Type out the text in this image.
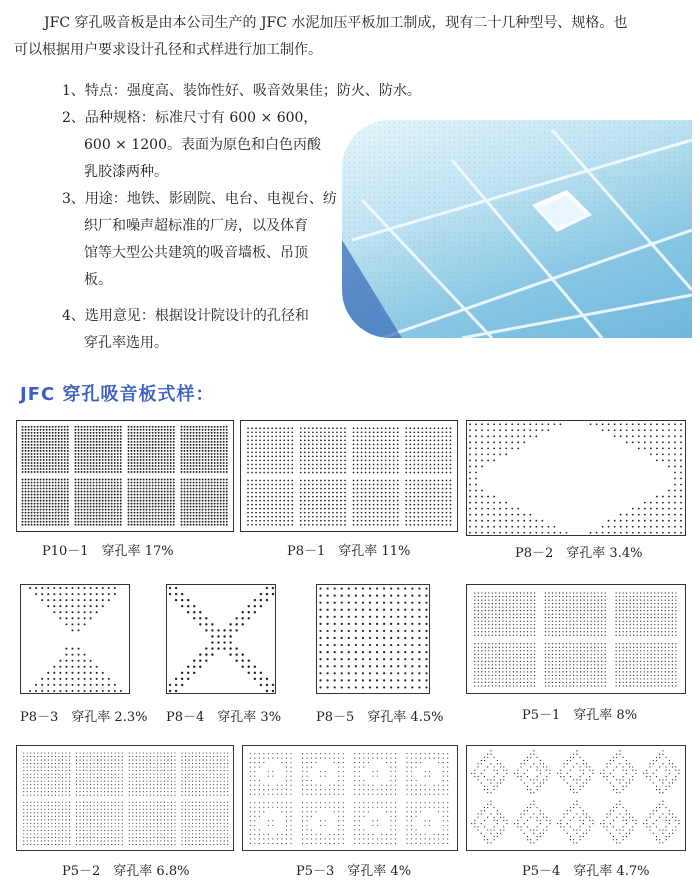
JFC 穿孔吸音板是由本公司生产的 JFC 水泥加压平板加工制成，现有二十几种型号、规格。也
可以根据用户要求设计孔径和式样进行加工制作。
1、特点：强度高、装饰性好、吸音效果佳；防火、防水。
2、品种规格：标准尺寸有 600 × 600，
600 × 1200。表面为原色和白色丙酸
乳胶漆两种。
3、用途：地铁、影剧院、电台、电视台、纺
织厂和噪声超标准的厂房，以及体育
馆等大型公共建筑的吸音墙板、吊顶
板。
4、选用意见：根据设计院设计的孔径和
穿孔率选用。
JFC 穿孔吸音板式样：
P10－1　穿孔率 17%	P8－1　穿孔率 11%	P8－2　穿孔率 3.4%
P8－3　穿孔率 2.3% P8－4　穿孔率 3%	P8－5　穿孔率 4.5%	P5－1　穿孔率 8%
P5－2　穿孔率 6.8%	P5－3　穿孔率 4%	P5－4　穿孔率 4.7%
